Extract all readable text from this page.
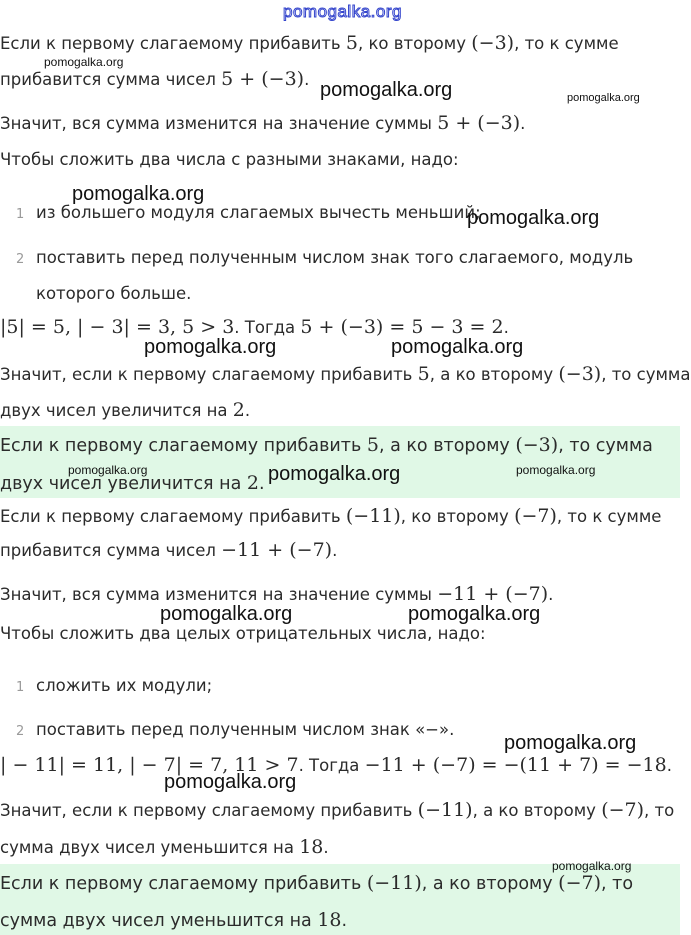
pomogalka.org
Если к первому слагаемому прибавить 5, ко второму (−3), то к сумме
прибавится сумма чисел 5 + (−3).
Значит, вся сумма изменится на значение суммы 5 + (−3).
Чтобы сложить два числа с разными знаками, надо:
1 из большего модуля слагаемых вычесть меньший;
2 поставить перед полученным числом знак того слагаемого, модуль
которого больше.
|5| = 5, | − 3| = 3, 5 > 3. Тогда 5 + (−3) = 5 − 3 = 2.
Значит, если к первому слагаемому прибавить 5, а ко второму (−3), то сумма
двух чисел увеличится на 2.
Если к первому слагаемому прибавить 5, а ко второму (−3), то сумма
двух чисел увеличится на 2.
Если к первому слагаемому прибавить (−11), ко второму (−7), то к сумме
прибавится сумма чисел −11 + (−7).
Значит, вся сумма изменится на значение суммы −11 + (−7).
Чтобы сложить два целых отрицательных числа, надо:
1 сложить их модули;
2 поставить перед полученным числом знак «−».
| − 11| = 11, | − 7| = 7, 11 > 7. Тогда −11 + (−7) = −(11 + 7) = −18.
Значит, если к первому слагаемому прибавить (−11), а ко второму (−7), то
сумма двух чисел уменьшится на 18.
Если к первому слагаемому прибавить (−11), а ко второму (−7), то
сумма двух чисел уменьшится на 18.
pomogalka.org
pomogalka.org	pomogalka.org
pomogalka.org
pomogalka.org
pomogalka.org	pomogalka.org
pomogalka.org	pomogalka.org	pomogalka.org
pomogalka.org	pomogalka.org
pomogalka.org
pomogalka.org
pomogalka.org
